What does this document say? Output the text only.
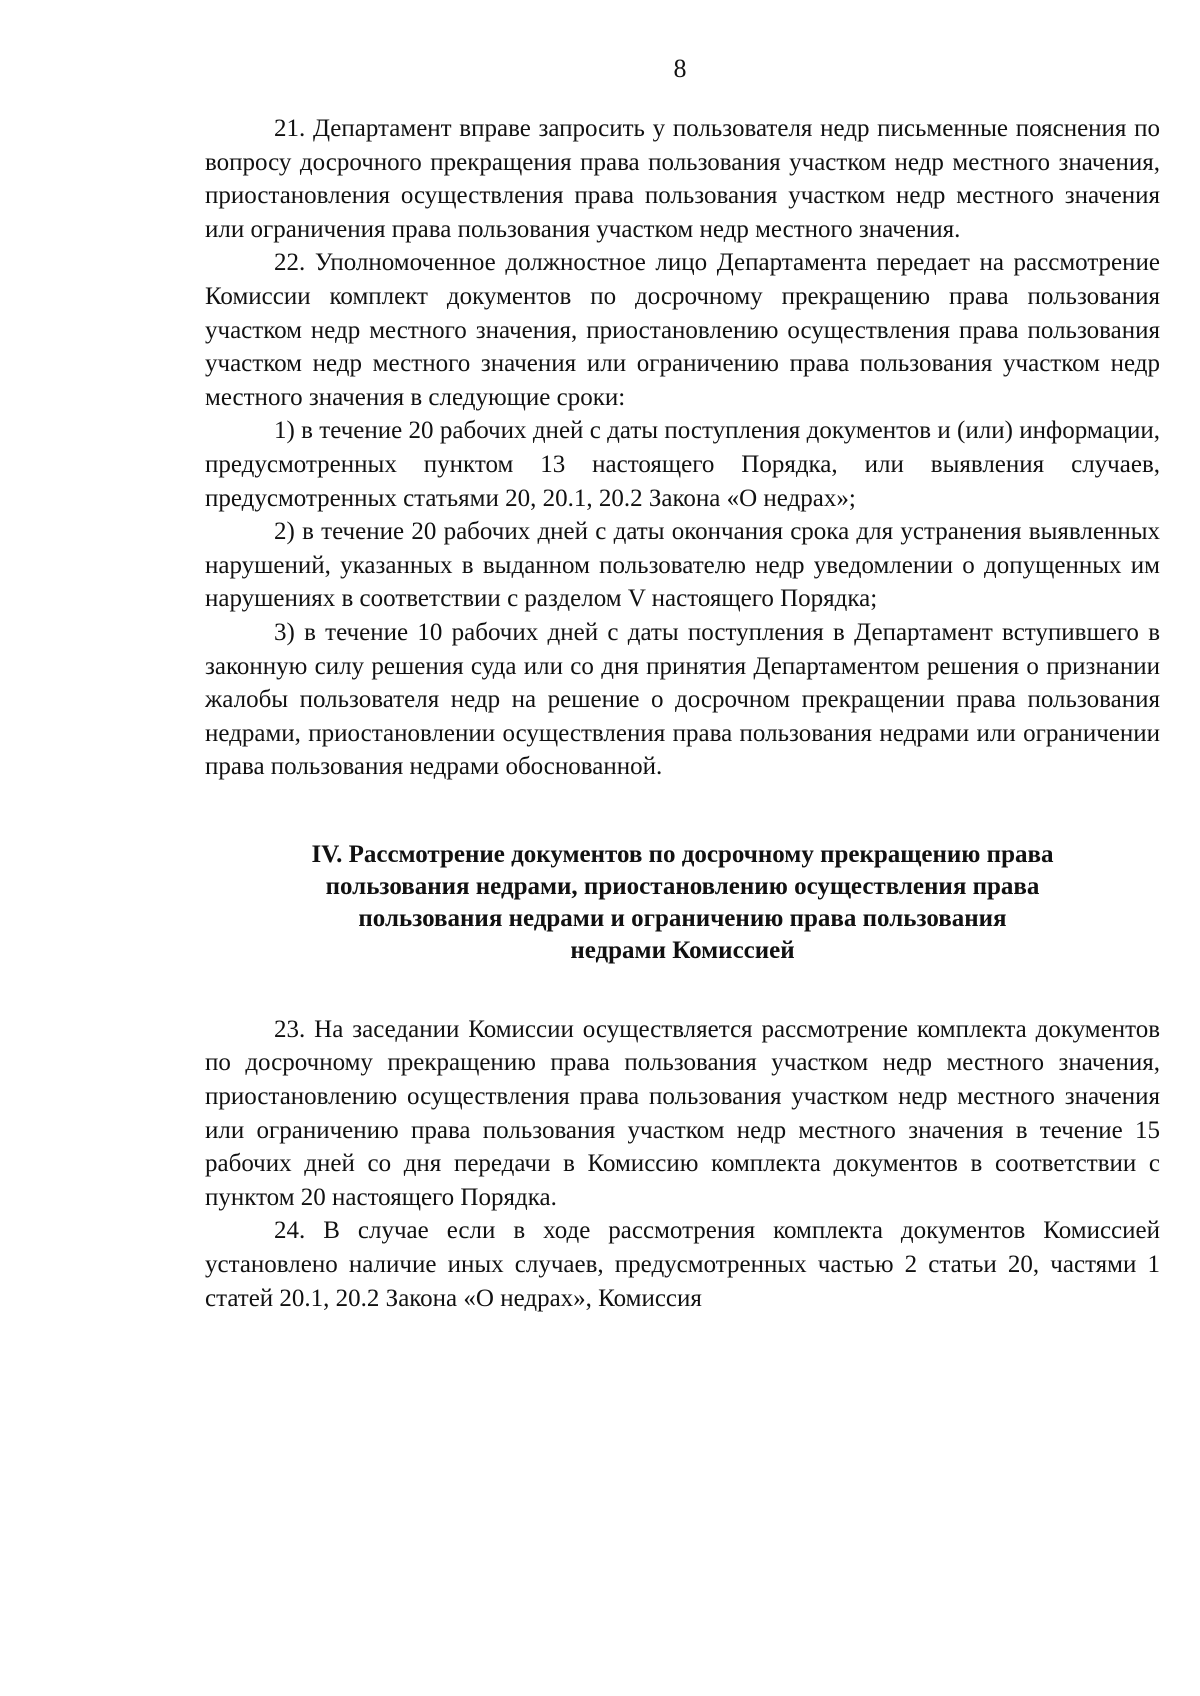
8

21. Департамент вправе запросить у пользователя недр письменные пояснения по вопросу досрочного прекращения права пользования участком недр местного значения, приостановления осуществления права пользования участком недр местного значения или ограничения права пользования участком недр местного значения.

22. Уполномоченное должностное лицо Департамента передает на рассмотрение Комиссии комплект документов по досрочному прекращению права пользования участком недр местного значения, приостановлению осуществления права пользования участком недр местного значения или ограничению права пользования участком недр местного значения в следующие сроки:

1) в течение 20 рабочих дней с даты поступления документов и (или) информации, предусмотренных пунктом 13 настоящего Порядка, или выявления случаев, предусмотренных статьями 20, 20.1, 20.2 Закона «О недрах»;

2) в течение 20 рабочих дней с даты окончания срока для устранения выявленных нарушений, указанных в выданном пользователю недр уведомлении о допущенных им нарушениях в соответствии с разделом V настоящего Порядка;

3) в течение 10 рабочих дней с даты поступления в Департамент вступившего в законную силу решения суда или со дня принятия Департаментом решения о признании жалобы пользователя недр на решение о досрочном прекращении права пользования недрами, приостановлении осуществления права пользования недрами или ограничении права пользования недрами обоснованной.

IV. Рассмотрение документов по досрочному прекращению права
пользования недрами, приостановлению осуществления права
пользования недрами и ограничению права пользования
недрами Комиссией

23. На заседании Комиссии осуществляется рассмотрение комплекта документов по досрочному прекращению права пользования участком недр местного значения, приостановлению осуществления права пользования участком недр местного значения или ограничению права пользования участком недр местного значения в течение 15 рабочих дней со дня передачи в Комиссию комплекта документов в соответствии с пунктом 20 настоящего Порядка.

24. В случае если в ходе рассмотрения комплекта документов Комиссией установлено наличие иных случаев, предусмотренных частью 2 статьи 20, частями 1 статей 20.1, 20.2 Закона «О недрах», Комиссия
